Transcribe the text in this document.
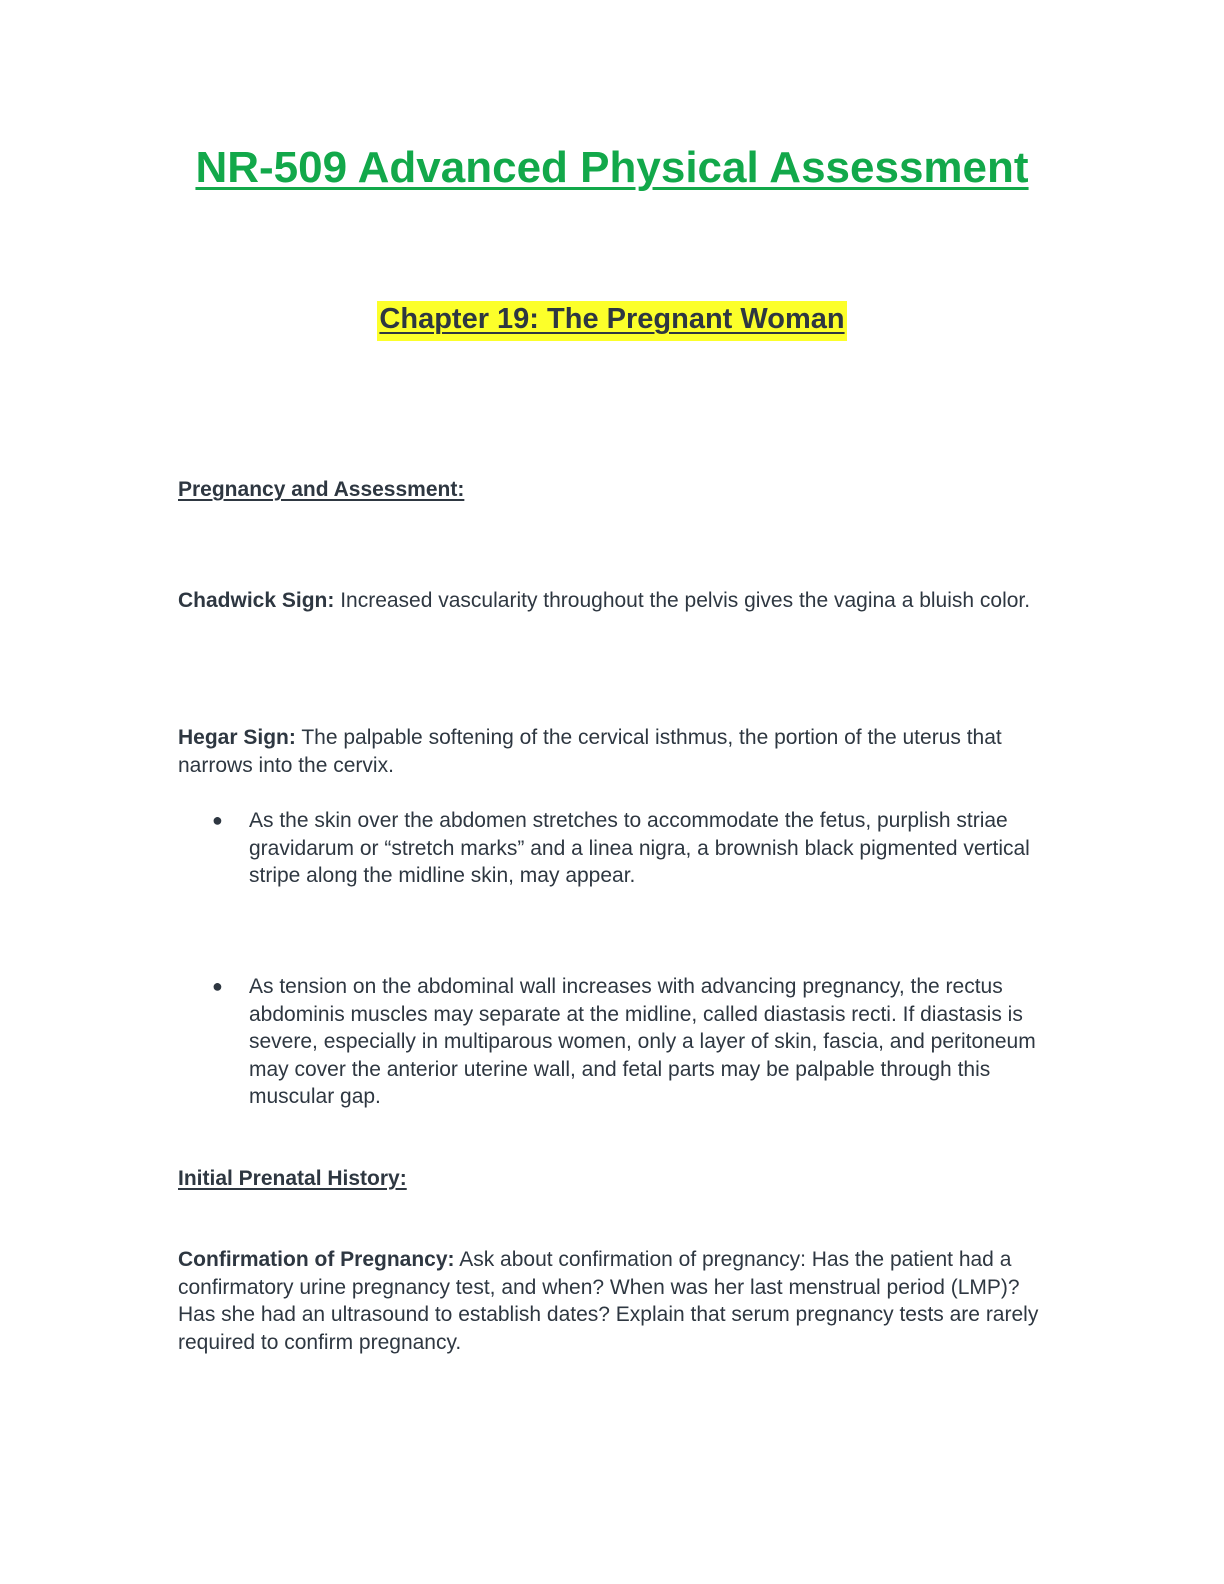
NR-509 Advanced Physical Assessment
Chapter 19: The Pregnant Woman
Pregnancy and Assessment:

Chadwick Sign: Increased vascularity throughout the pelvis gives the vagina a bluish color.

Hegar Sign: The palpable softening of the cervical isthmus, the portion of the uterus that narrows into the cervix.

●	As the skin over the abdomen stretches to accommodate the fetus, purplish striae gravidarum or “stretch marks” and a linea nigra, a brownish black pigmented vertical stripe along the midline skin, may appear.
●	As tension on the abdominal wall increases with advancing pregnancy, the rectus abdominis muscles may separate at the midline, called diastasis recti. If diastasis is severe, especially in multiparous women, only a layer of skin, fascia, and peritoneum may cover the anterior uterine wall, and fetal parts may be palpable through this muscular gap.
Initial Prenatal History:

Confirmation of Pregnancy: Ask about confirmation of pregnancy: Has the patient had a confirmatory urine pregnancy test, and when? When was her last menstrual period (LMP)? Has she had an ultrasound to establish dates? Explain that serum pregnancy tests are rarely required to confirm pregnancy.
